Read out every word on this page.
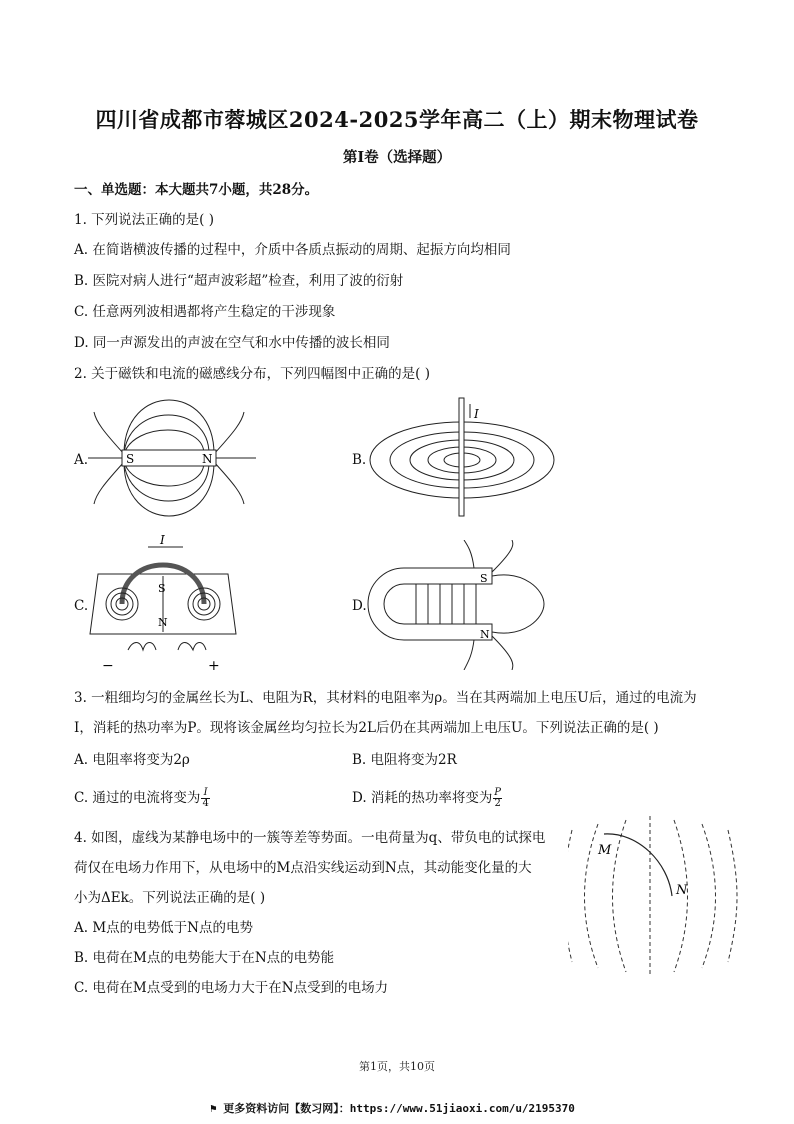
四川省成都市蓉城区2024-2025学年高二（上）期末物理试卷
第I卷（选择题）
一、单选题：本大题共7小题，共28分。
1. 下列说法正确的是( )
A. 在简谐横波传播的过程中，介质中各质点振动的周期、起振方向均相同
B. 医院对病人进行“超声波彩超”检查，利用了波的衍射
C. 任意两列波相遇都将产生稳定的干涉现象
D. 同一声源发出的声波在空气和水中传播的波长相同
2. 关于磁铁和电流的磁感线分布，下列四幅图中正确的是( )
A.	S	N	B.
I
C.
I
S
N
−	+
D.
S
N
3. 一粗细均匀的金属丝长为L、电阻为R，其材料的电阻率为ρ。当在其两端加上电压U后，通过的电流为
I，消耗的热功率为P。现将该金属丝均匀拉长为2L后仍在其两端加上电压U。下列说法正确的是( )
A. 电阻率将变为2ρ	B. 电阻将变为2R
C. 通过的电流将变为$\frac{I}{4}$	D. 消耗的热功率将变为$\frac{P}{2}$
4. 如图，虚线为某静电场中的一簇等差等势面。一电荷量为q、带负电的试探电
荷仅在电场力作用下，从电场中的M点沿实线运动到N点，其动能变化量的大
小为ΔEk。下列说法正确的是( )
A. M点的电势低于N点的电势
B. 电荷在M点的电势能大于在N点的电势能
C. 电荷在M点受到的电场力大于在N点受到的电场力
M
N
第1页，共10页
⚑ 更多资料访问【数习网】：https://www.51jiaoxi.com/u/2195370
